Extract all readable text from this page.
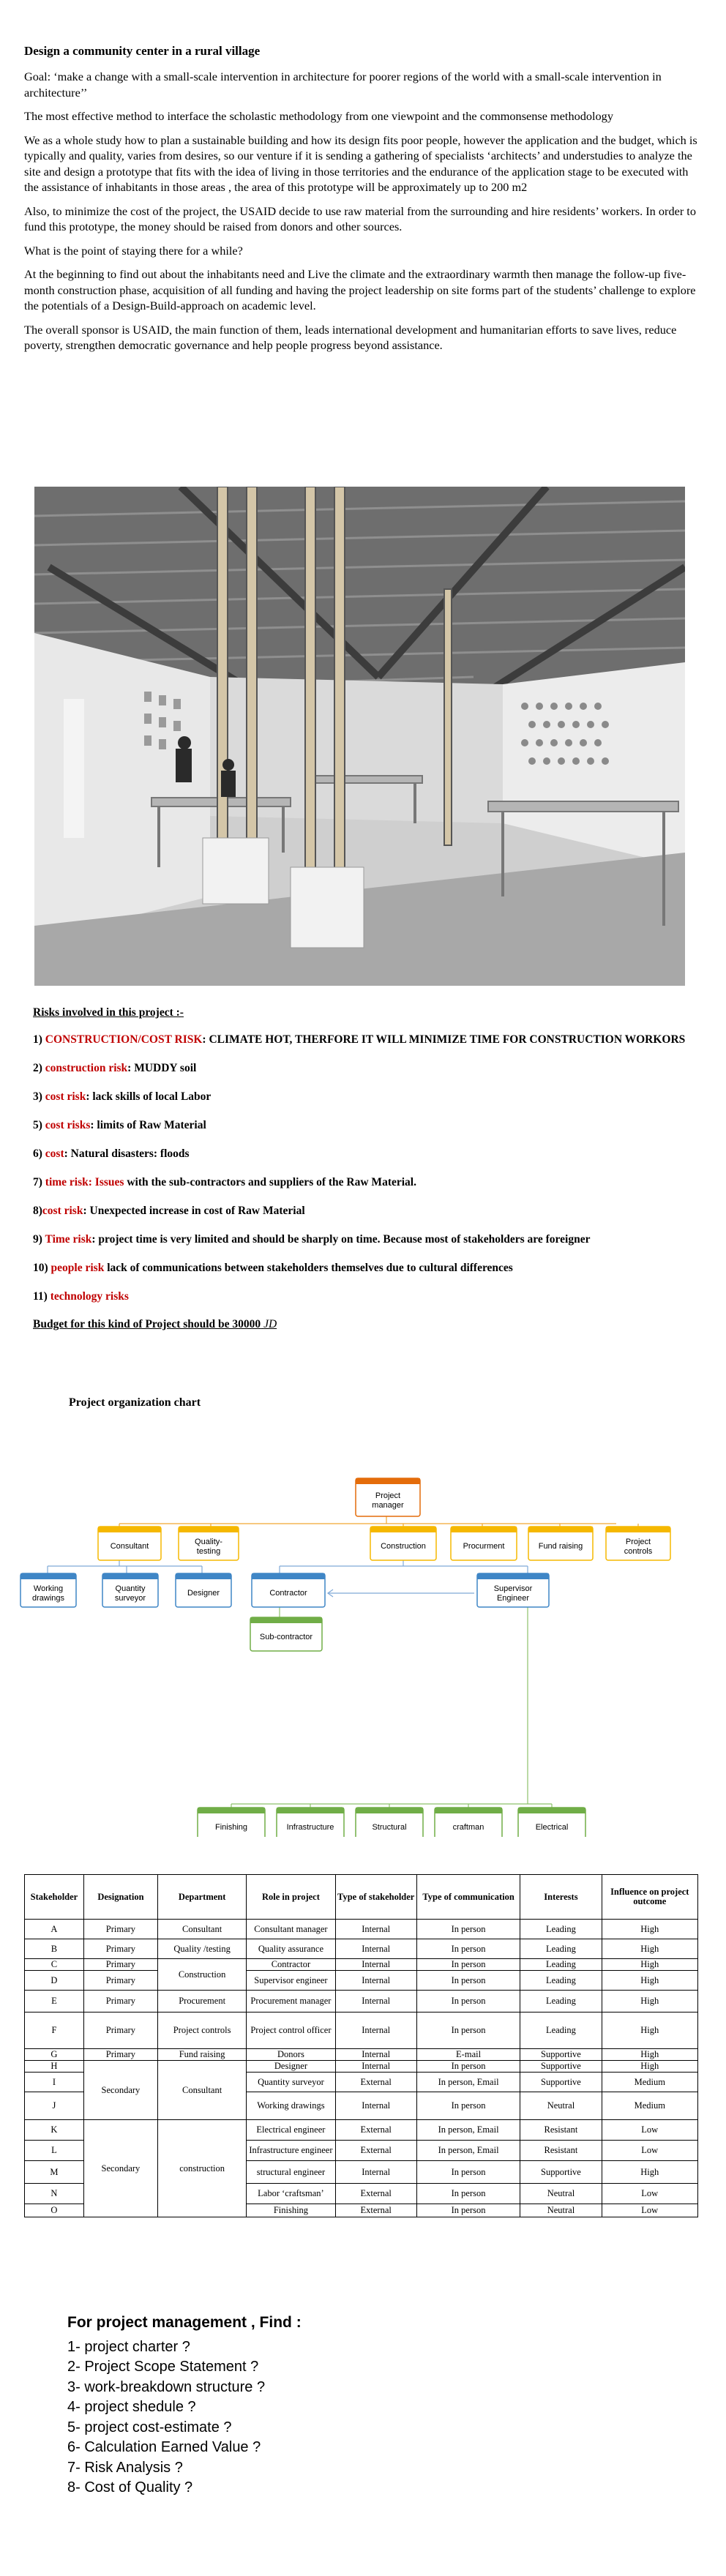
Design a community center in a rural village

Goal: ‘make a change with a small-scale intervention in architecture for poorer regions of the world with a small-scale intervention in architecture’’

The most effective method to interface the scholastic methodology from one viewpoint and the commonsense methodology

We as a whole study how to plan a sustainable building and how its design fits poor people, however the application and the budget, which is typically and quality, varies from desires, so our venture if it is sending a gathering of specialists ‘architects’ and understudies to analyze the site and design a prototype that fits with the idea of living in those territories and the endurance of the application stage to be executed with the assistance of inhabitants in those areas , the area of this prototype will be approximately up to 200 m2

Also, to minimize the cost of the project, the USAID decide to use raw material from the surrounding and hire residents’ workers. In order to fund this prototype, the money should be raised from donors and other sources.

What is the point of staying there for a while?

At the beginning to find out about the inhabitants need and Live the climate and the extraordinary warmth then manage the follow-up five-month construction phase, acquisition of all funding and having the project leadership on site forms part of the students’ challenge to explore the potentials of a Design-Build-approach on academic level.

The overall sponsor is USAID, the main function of them, leads international development and humanitarian efforts to save lives, reduce poverty, strengthen democratic governance and help people progress beyond assistance.

Risks involved in this project :-
1) CONSTRUCTION/COST RISK: CLIMATE HOT, THERFORE IT WILL MINIMIZE TIME FOR CONSTRUCTION WORKORS
2) construction risk: MUDDY soil
3) cost risk: lack skills of local Labor
5) cost risks: limits of Raw Material
6) cost: Natural disasters: floods
7) time risk: Issues with the sub-contractors and suppliers of the Raw Material.
8)cost risk: Unexpected increase in cost of Raw Material
9) Time risk: project time is very limited and should be sharply on time. Because most of stakeholders are foreigner
10) people risk lack of communications between stakeholders themselves due to cultural differences
11) technology risks
Budget for this kind of Project should be 30000 JD
Project organization chart
Project
manager
Consultant	Quality-
testing
Construction	Procurment	Fund raising	Project
controls
Working
drawings
Quantity
surveyor
Designer	Contractor	Supervisor
Engineer
Sub-contractor
Finishing	Infrastructure	Structural	craftman	Electrical
Stakeholder	Designation	Department	Role in project	Type of stakeholder	Type of communication	Interests	Influence on project outcome
A	Primary	Consultant	Consultant manager	Internal	In person	Leading	High
B	Primary	Quality /testing	Quality assurance	Internal	In person	Leading	High
C	Primary	Construction	Contractor	Internal	In person	Leading	High
D	Primary		Supervisor engineer	Internal	In person	Leading	High
E	Primary	Procurement	Procurement manager	Internal	In person	Leading	High
F	Primary	Project controls	Project control officer	Internal	In person	Leading	High
G	Primary	Fund raising	Donors	Internal	E-mail	Supportive	High
H	Secondary	Consultant	Designer	Internal	In person	Supportive	High
I			Quantity surveyor	External	In person, Email	Supportive	Medium
J			Working drawings	Internal	In person	Neutral	Medium
K	Secondary	construction	Electrical engineer	External	In person, Email	Resistant	Low
L			Infrastructure engineer	External	In person, Email	Resistant	Low
M			structural engineer	Internal	In person	Supportive	High
N			Labor ‘craftsman’	External	In person	Neutral	Low
O			Finishing	External	In person	Neutral	Low
For project management , Find :
1- project charter ?
2- Project Scope Statement ?
3- work-breakdown structure ?
4- project shedule ?
5- project cost-estimate ?
6- Calculation Earned Value ?
7- Risk Analysis ?
8- Cost of Quality ?
